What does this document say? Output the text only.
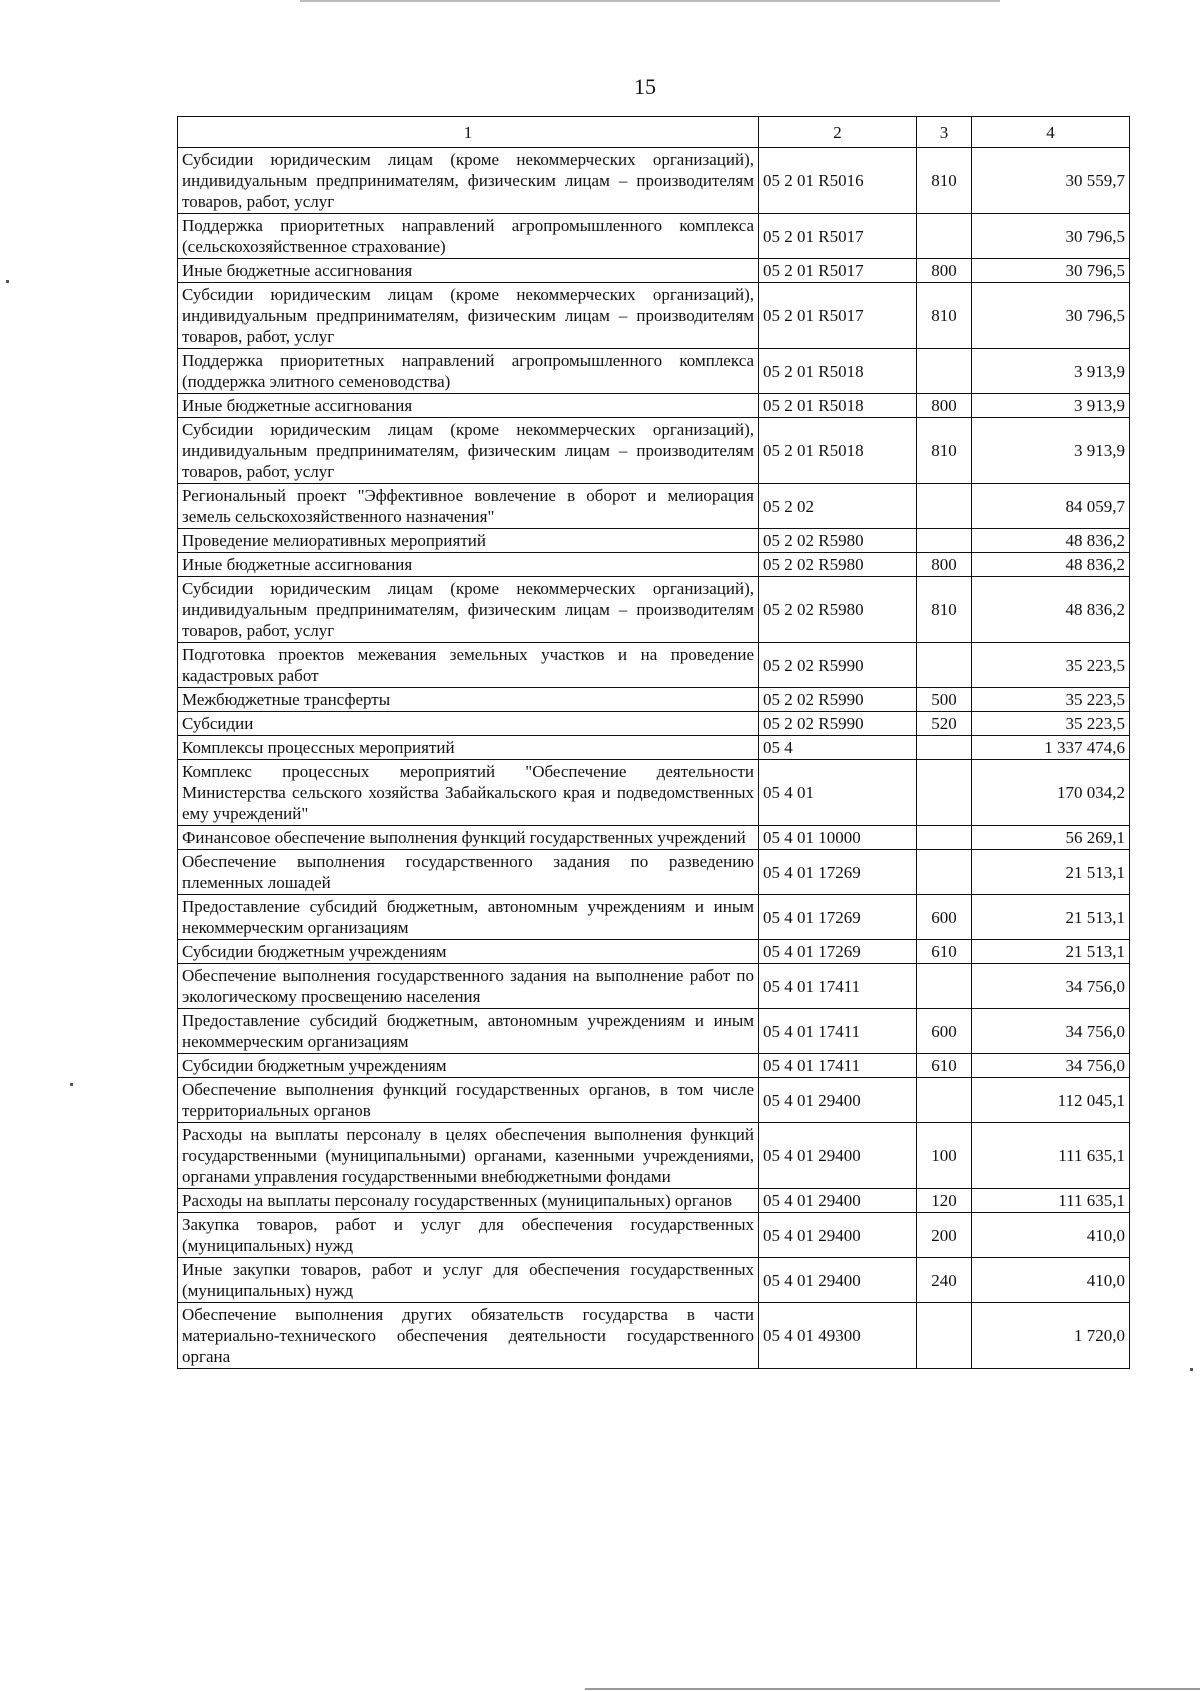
15
1	2	3	4
Субсидии юридическим лицам (кроме некоммерческих организаций), индивидуальным предпринимателям, физическим лицам – производителям товаров, работ, услуг	05 2 01 R5016	810	30 559,7
Поддержка приоритетных направлений агропромышленного комплекса (сельскохозяйственное страхование)	05 2 01 R5017		30 796,5
Иные бюджетные ассигнования	05 2 01 R5017	800	30 796,5
Субсидии юридическим лицам (кроме некоммерческих организаций), индивидуальным предпринимателям, физическим лицам – производителям товаров, работ, услуг	05 2 01 R5017	810	30 796,5
Поддержка приоритетных направлений агропромышленного комплекса (поддержка элитного семеноводства)	05 2 01 R5018		3 913,9
Иные бюджетные ассигнования	05 2 01 R5018	800	3 913,9
Субсидии юридическим лицам (кроме некоммерческих организаций), индивидуальным предпринимателям, физическим лицам – производителям товаров, работ, услуг	05 2 01 R5018	810	3 913,9
Региональный проект "Эффективное вовлечение в оборот и мелиорация земель сельскохозяйственного назначения"	05 2 02		84 059,7
Проведение мелиоративных мероприятий	05 2 02 R5980		48 836,2
Иные бюджетные ассигнования	05 2 02 R5980	800	48 836,2
Субсидии юридическим лицам (кроме некоммерческих организаций), индивидуальным предпринимателям, физическим лицам – производителям товаров, работ, услуг	05 2 02 R5980	810	48 836,2
Подготовка проектов межевания земельных участков и на проведение кадастровых работ	05 2 02 R5990		35 223,5
Межбюджетные трансферты	05 2 02 R5990	500	35 223,5
Субсидии	05 2 02 R5990	520	35 223,5
Комплексы процессных мероприятий	05 4		1 337 474,6
Комплекс процессных мероприятий "Обеспечение деятельности Министерства сельского хозяйства Забайкальского края и подведомственных ему учреждений"	05 4 01		170 034,2
Финансовое обеспечение выполнения функций государственных учреждений	05 4 01 10000		56 269,1
Обеспечение выполнения государственного задания по разведению племенных лошадей	05 4 01 17269		21 513,1
Предоставление субсидий бюджетным, автономным учреждениям и иным некоммерческим организациям	05 4 01 17269	600	21 513,1
Субсидии бюджетным учреждениям	05 4 01 17269	610	21 513,1
Обеспечение выполнения государственного задания на выполнение работ по экологическому просвещению населения	05 4 01 17411		34 756,0
Предоставление субсидий бюджетным, автономным учреждениям и иным некоммерческим организациям	05 4 01 17411	600	34 756,0
Субсидии бюджетным учреждениям	05 4 01 17411	610	34 756,0
Обеспечение выполнения функций государственных органов, в том числе территориальных органов	05 4 01 29400		112 045,1
Расходы на выплаты персоналу в целях обеспечения выполнения функций государственными (муниципальными) органами, казенными учреждениями, органами управления государственными внебюджетными фондами	05 4 01 29400	100	111 635,1
Расходы на выплаты персоналу государственных (муниципальных) органов	05 4 01 29400	120	111 635,1
Закупка товаров, работ и услуг для обеспечения государственных (муниципальных) нужд	05 4 01 29400	200	410,0
Иные закупки товаров, работ и услуг для обеспечения государственных (муниципальных) нужд	05 4 01 29400	240	410,0
Обеспечение выполнения других обязательств государства в части материально-технического обеспечения деятельности государственного органа	05 4 01 49300		1 720,0
